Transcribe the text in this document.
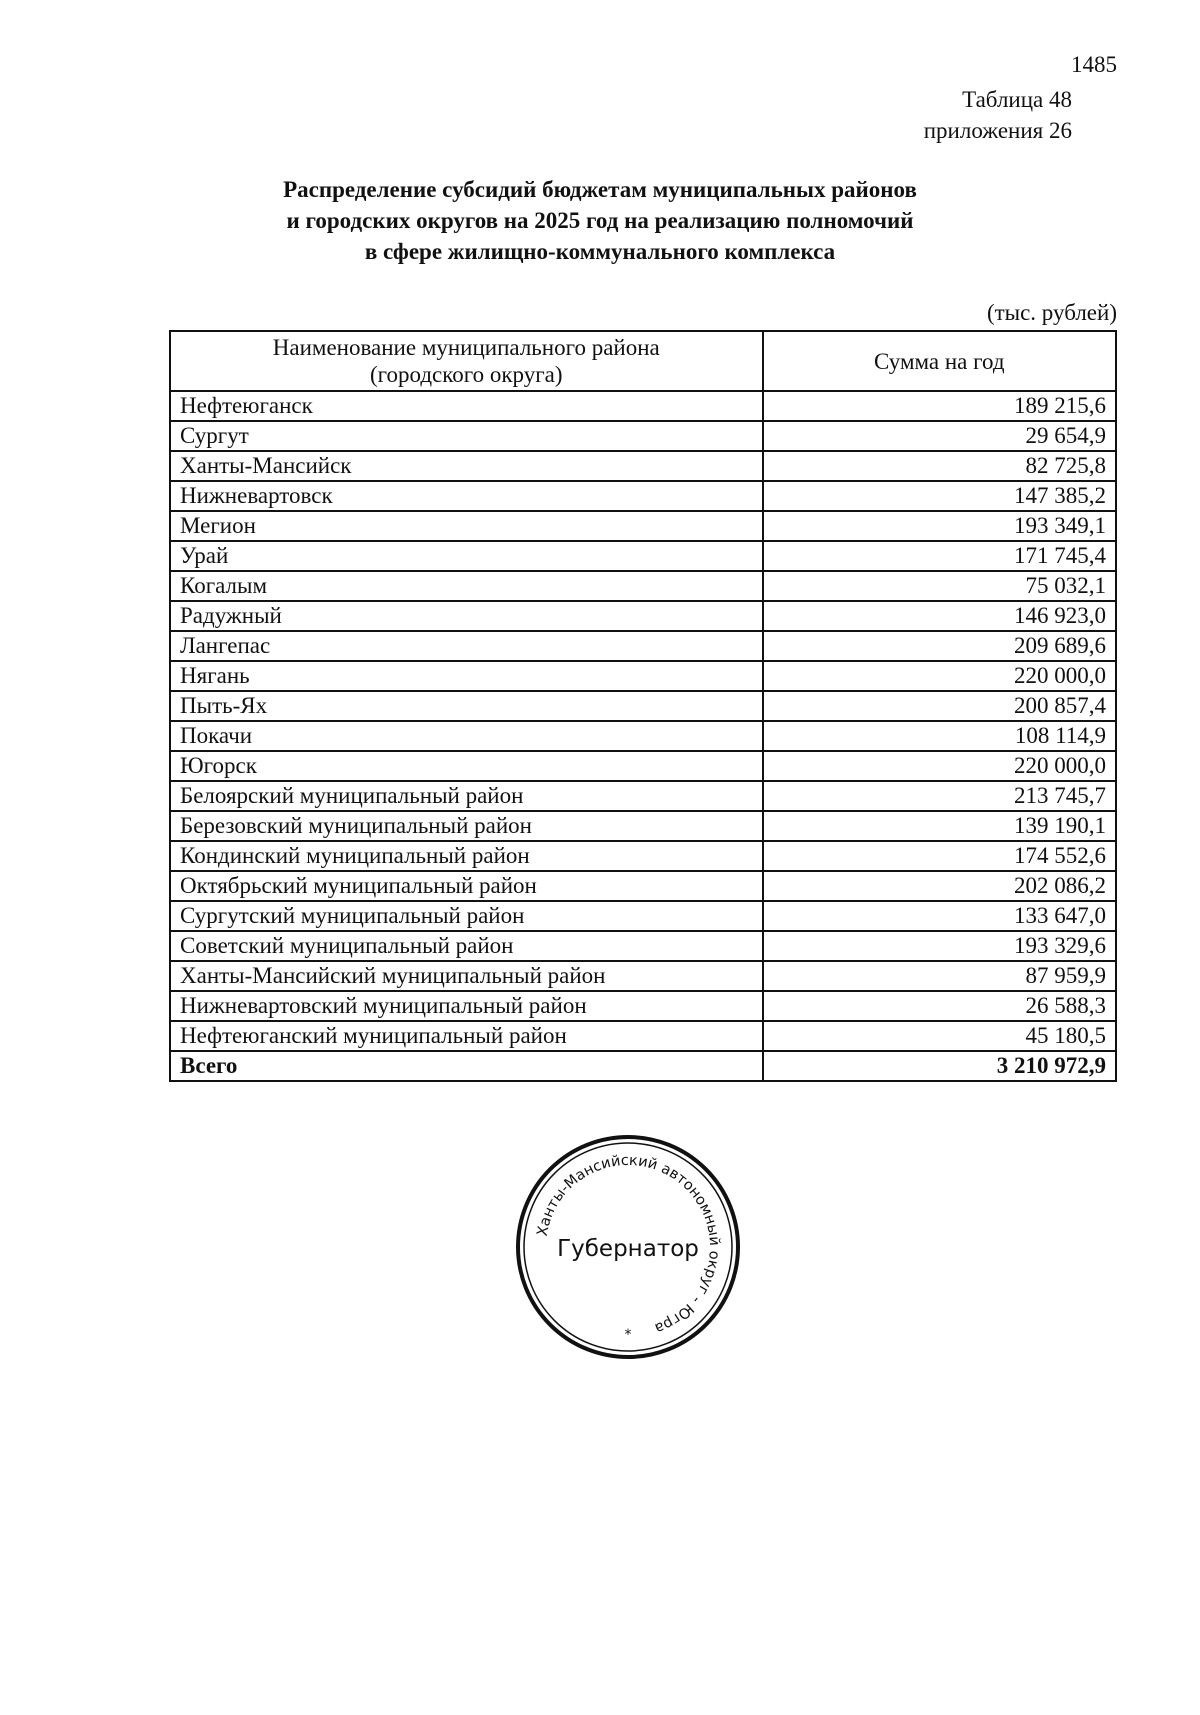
1485
Таблица 48
приложения 26
Распределение субсидий бюджетам муниципальных районов
и городских округов на 2025 год на реализацию полномочий
в сфере жилищно-коммунального комплекса
(тыс. рублей)
Наименование муниципального района
(городского округа)	Сумма на год
Нефтеюганск	189 215,6
Сургут	29 654,9
Ханты-Мансийск	82 725,8
Нижневартовск	147 385,2
Мегион	193 349,1
Урай	171 745,4
Когалым	75 032,1
Радужный	146 923,0
Лангепас	209 689,6
Нягань	220 000,0
Пыть-Ях	200 857,4
Покачи	108 114,9
Югорск	220 000,0
Белоярский муниципальный район	213 745,7
Березовский муниципальный район	139 190,1
Кондинский муниципальный район	174 552,6
Октябрьский муниципальный район	202 086,2
Сургутский муниципальный район	133 647,0
Советский муниципальный район	193 329,6
Ханты-Мансийский муниципальный район	87 959,9
Нижневартовский муниципальный район	26 588,3
Нефтеюганский муниципальный район	45 180,5
Всего	3 210 972,9
Ханты-Мансийский автономный округ - Югра
Губернатор
*
